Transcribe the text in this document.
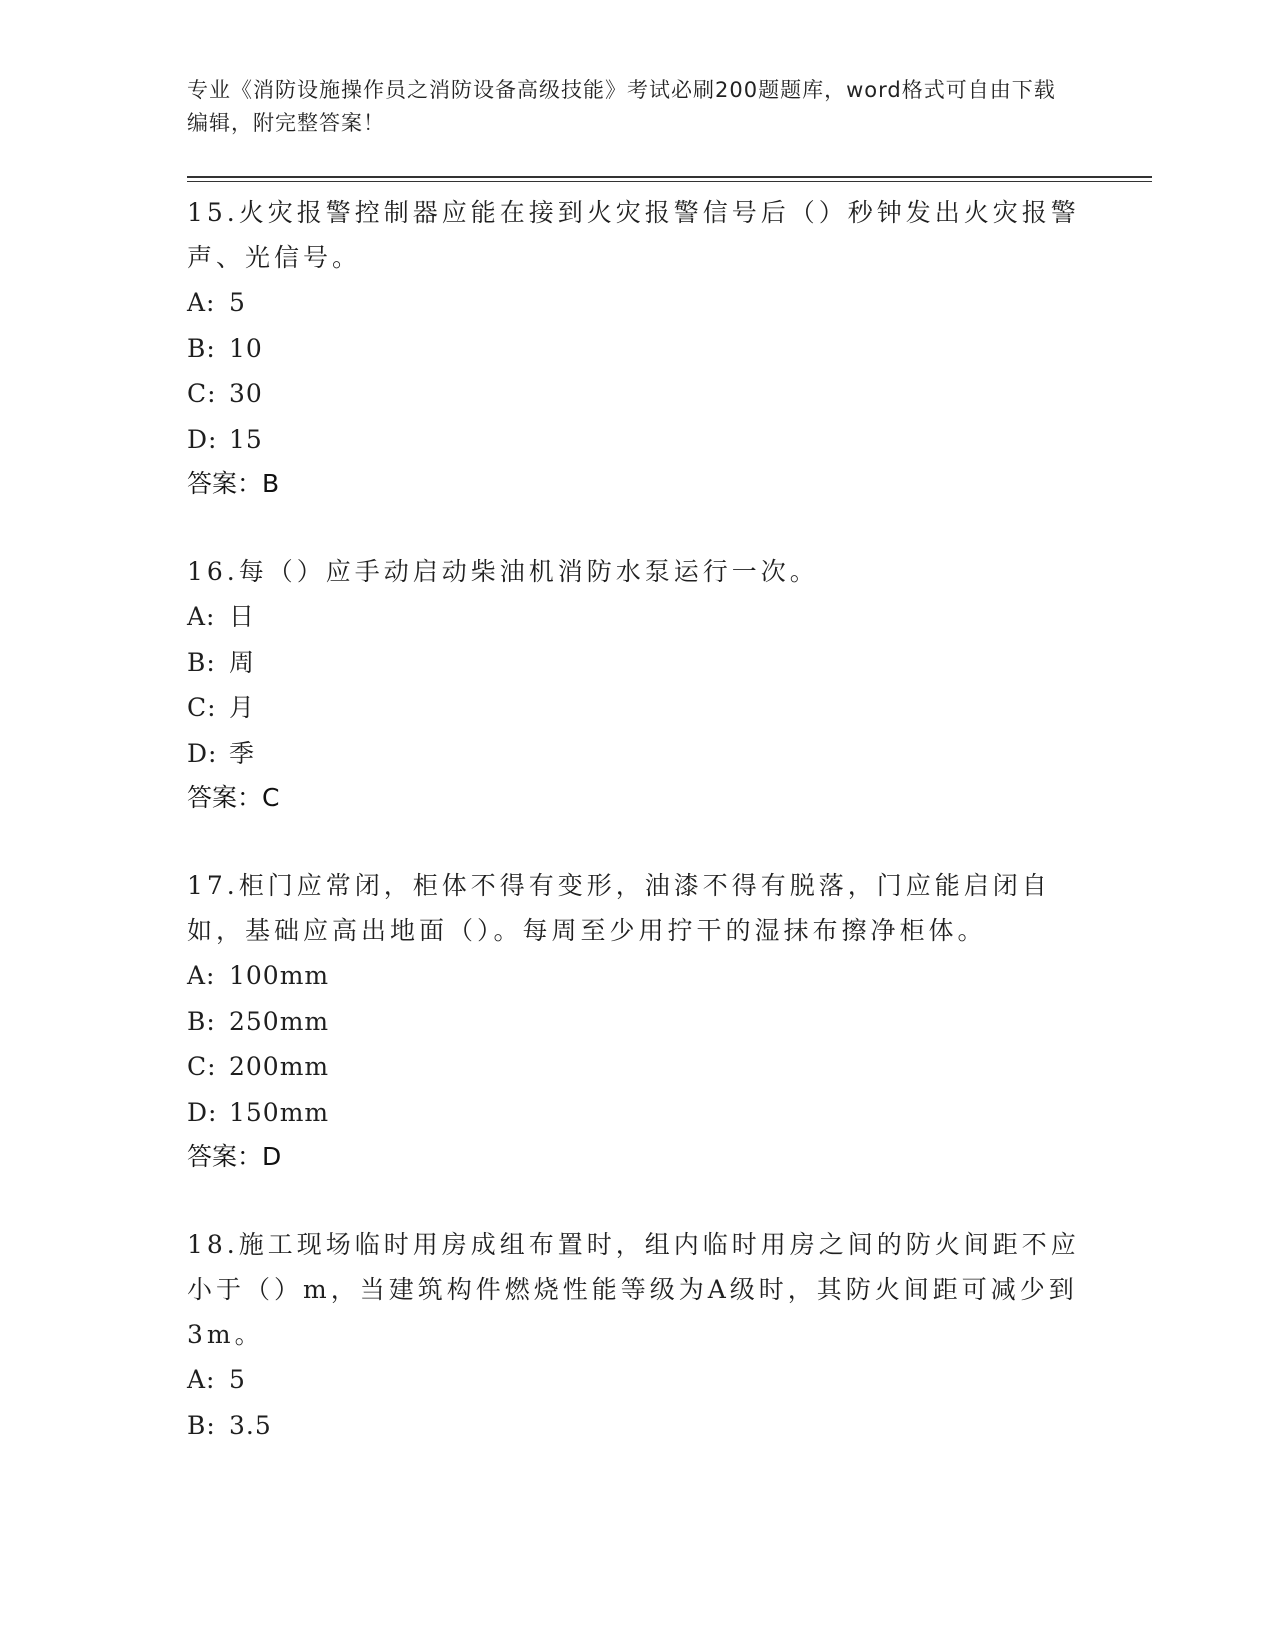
专业《消防设施操作员之消防设备高级技能》考试必刷200题题库，word格式可自由下载编辑，附完整答案！
15.火灾报警控制器应能在接到火灾报警信号后（）秒钟发出火灾报警声、光信号。
A: 5
B: 10
C: 30
D: 15
答案：B
16.每（）应手动启动柴油机消防水泵运行一次。
A: 日
B: 周
C: 月
D: 季
答案：C
17.柜门应常闭，柜体不得有变形，油漆不得有脱落，门应能启闭自如，基础应高出地面（）。每周至少用拧干的湿抹布擦净柜体。
A: 100mm
B: 250mm
C: 200mm
D: 150mm
答案：D
18.施工现场临时用房成组布置时，组内临时用房之间的防火间距不应小于（）m，当建筑构件燃烧性能等级为A级时，其防火间距可减少到3m。
A: 5
B: 3.5
